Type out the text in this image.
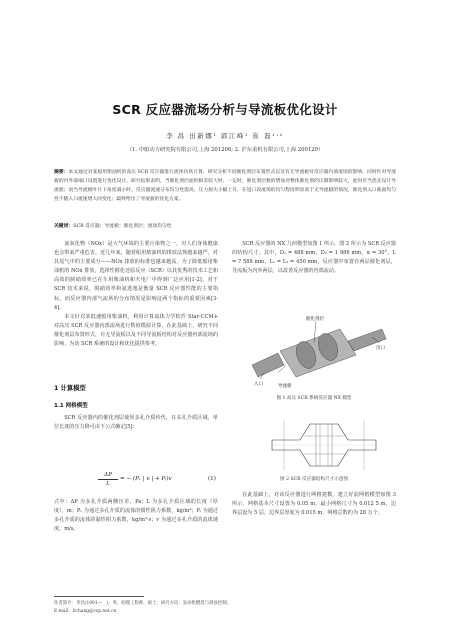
SCR 反应器流场分析与导流板优化设计
李 昌 田新娜¹ 郭江峰¹ 崔 磊¹·²
（1. 中船动力研究院有限公司,上海 201206; 2. 沪东重机有限公司,上海 200129）
摘要：本文通过对某船用柴油机的高压 SCR 反应器进行流体仿真计算，研究分析不同催化剂层布置形式以及有无导流板对反应器内部流场的影响，同时针对导流板的内外部端口设置进行优化设计。研究结果表明，当催化剂层面积相差较大时，一定时，催化剂层数的增加对整体催化剂的压降影响较大，此时应当优先设计导流板；而当导流板叶片下角度减小时，反应器流速分布均匀性提高，压力损失小幅上升，在进口段流场的均匀程度明显高于无导流板的情况，催化剂入口截面均匀性不随入口流速增大而变化；最终给出了导流板的优化方案。
关键词：SCR 反应器；导流板；催化剂层；流场均匀性

氮氧化物（NOx）是大气环境的主要污染物之一，对人们身体健康也会带来严重危害。近几年来，随着船用柴油机的排放法规越来越严，对其尾气中的主要成分——NOx 排放的标准也越来越高，为了降低船用柴油机的 NOx 排放，选择性催化还原反应（SCR）以其优秀的技术工艺和高效的脱硝效率已在车用柴油机和火电厂中得到广泛应用[1-2]。对于 SCR 技术来说，脱硝效率和氨逃逸是衡量 SCR 反应器性能的主要指标，而反应器内部气流场的分布情况是影响这两个指标的重要因素[3-4]。

本文针对某低速船用柴油机，利用计算流体力学软件 Star-CCM+ 对高压 SCR 反应器内部流场进行数值模拟计算，在此基础上，研究不同催化剂层布置形式，有无导流板以及不同导流板结构对反应器内部流场的影响，为该 SCR 系统的设计和优化提供参考。

1 计算模型
1.1 网格模型

SCR 反应器内的催化剂层使用多孔介质传代，在多孔介质区域，单位长度的压力降可由下公式确定[5]：

$\frac{\Delta P}{L}$ = − (Pᵥ | v | + Pᵢ)v	(1)
式中：ΔP 为多孔介质两侧压差，Pa；L 为多孔介质区域的长度（厚度），m；Pᵥ 为通过多孔介质的流体的惯性阻力系数，kg/m⁴；Pᵢ 为通过多孔介质的流体的黏性阻力系数，kg/m³·s；v 为通过多孔介质的流体速度，m/s。

SCR 反应器的 NX 几何模型如图 1 所示，图 2 所示为 SCR 反应器的结构尺寸，其中，D₁ = 488 mm，D₂ = 1 986 mm，α = 30°，L = 7 588 mm，L₁ = L₂ = 450 mm，反应器中布置有两层催化剂层，导流板为内外两层，以改善反应器的内部流动。

催化剂层
出口
入口	导流板
图 1 高压 SCR 系统反应器 NX 模型
图 2 SCR 反应器结构尺寸示意图

在此基础上，对该反应器进行网格建模，建立好前网格模型如图 3 所示，网格基本尺寸设置为 0.05 m，最小网格尺寸为 0.012 5 m，边界层设为 5 层，边界层厚度为 0.015 m，网格总数约为 28 万个。

作者简介：李昌(1991—　)，男，助理工程师，硕士，研究方向：发动机燃烧与排放控制。
E-mail：lichang@csp.net.cn
